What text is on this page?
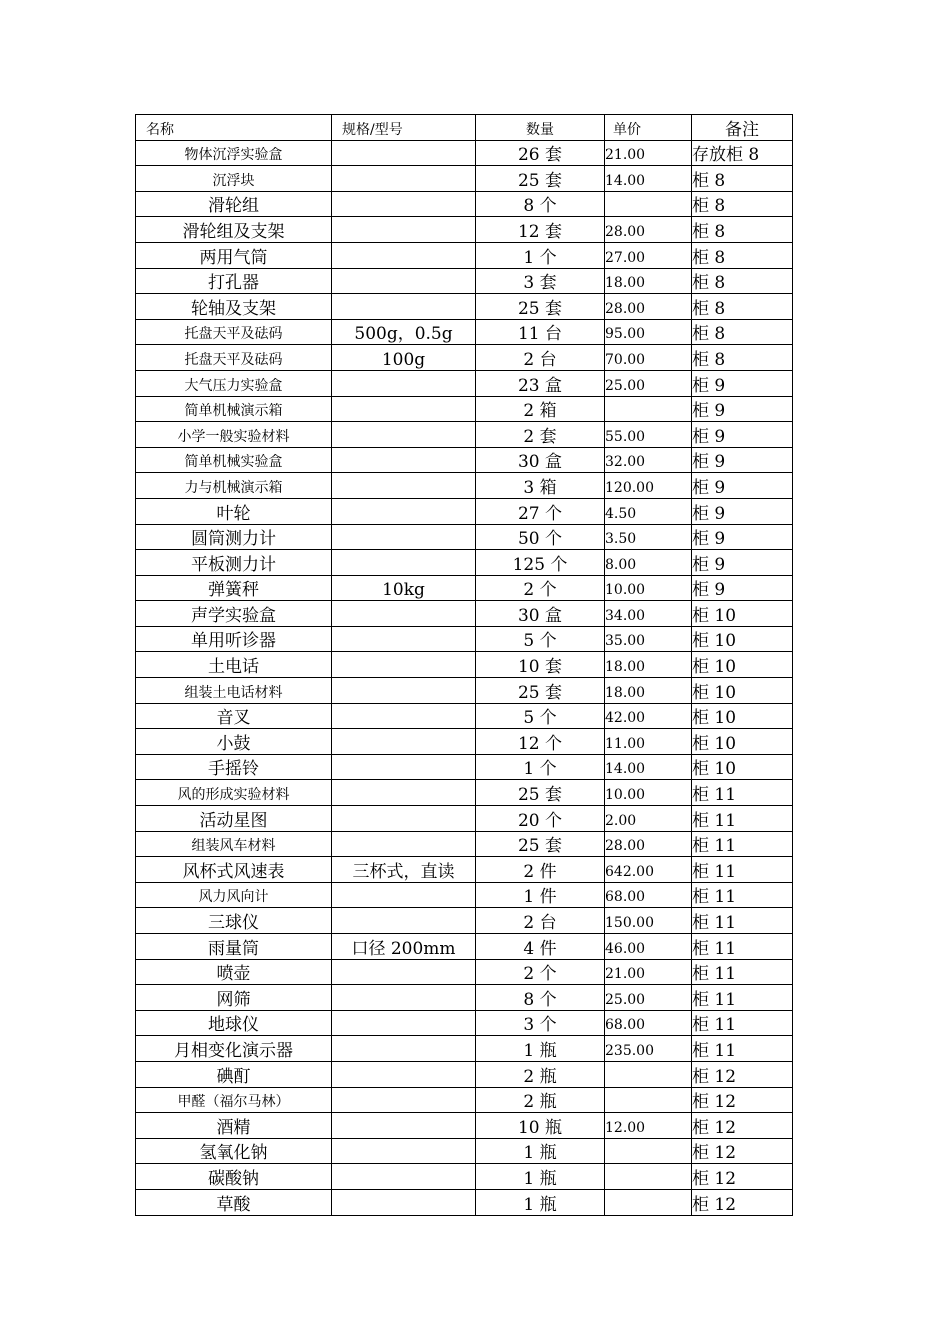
名称	规格/型号	数量	单价	备注
物体沉浮实验盒		26 套	21.00	存放柜 8
沉浮块		25 套	14.00	柜 8
滑轮组		8 个		柜 8
滑轮组及支架		12 套	28.00	柜 8
两用气筒		1 个	27.00	柜 8
打孔器		3 套	18.00	柜 8
轮轴及支架		25 套	28.00	柜 8
托盘天平及砝码	500g，0.5g	11 台	95.00	柜 8
托盘天平及砝码	100g	2 台	70.00	柜 8
大气压力实验盒		23 盒	25.00	柜 9
简单机械演示箱		2 箱		柜 9
小学一般实验材料		2 套	55.00	柜 9
简单机械实验盒		30 盒	32.00	柜 9
力与机械演示箱		3 箱	120.00	柜 9
叶轮		27 个	4.50	柜 9
圆筒测力计		50 个	3.50	柜 9
平板测力计		125 个	8.00	柜 9
弹簧秤	10kg	2 个	10.00	柜 9
声学实验盒		30 盒	34.00	柜 10
单用听诊器		5 个	35.00	柜 10
土电话		10 套	18.00	柜 10
组装土电话材料		25 套	18.00	柜 10
音叉		5 个	42.00	柜 10
小鼓		12 个	11.00	柜 10
手摇铃		1 个	14.00	柜 10
风的形成实验材料		25 套	10.00	柜 11
活动星图		20 个	2.00	柜 11
组装风车材料		25 套	28.00	柜 11
风杯式风速表	三杯式，直读	2 件	642.00	柜 11
风力风向计		1 件	68.00	柜 11
三球仪		2 台	150.00	柜 11
雨量筒	口径 200mm	4 件	46.00	柜 11
喷壶		2 个	21.00	柜 11
网筛		8 个	25.00	柜 11
地球仪		3 个	68.00	柜 11
月相变化演示器		1 瓶	235.00	柜 11
碘酊		2 瓶		柜 12
甲醛（福尔马林）		2 瓶		柜 12
酒精		10 瓶	12.00	柜 12
氢氧化钠		1 瓶		柜 12
碳酸钠		1 瓶		柜 12
草酸		1 瓶		柜 12
